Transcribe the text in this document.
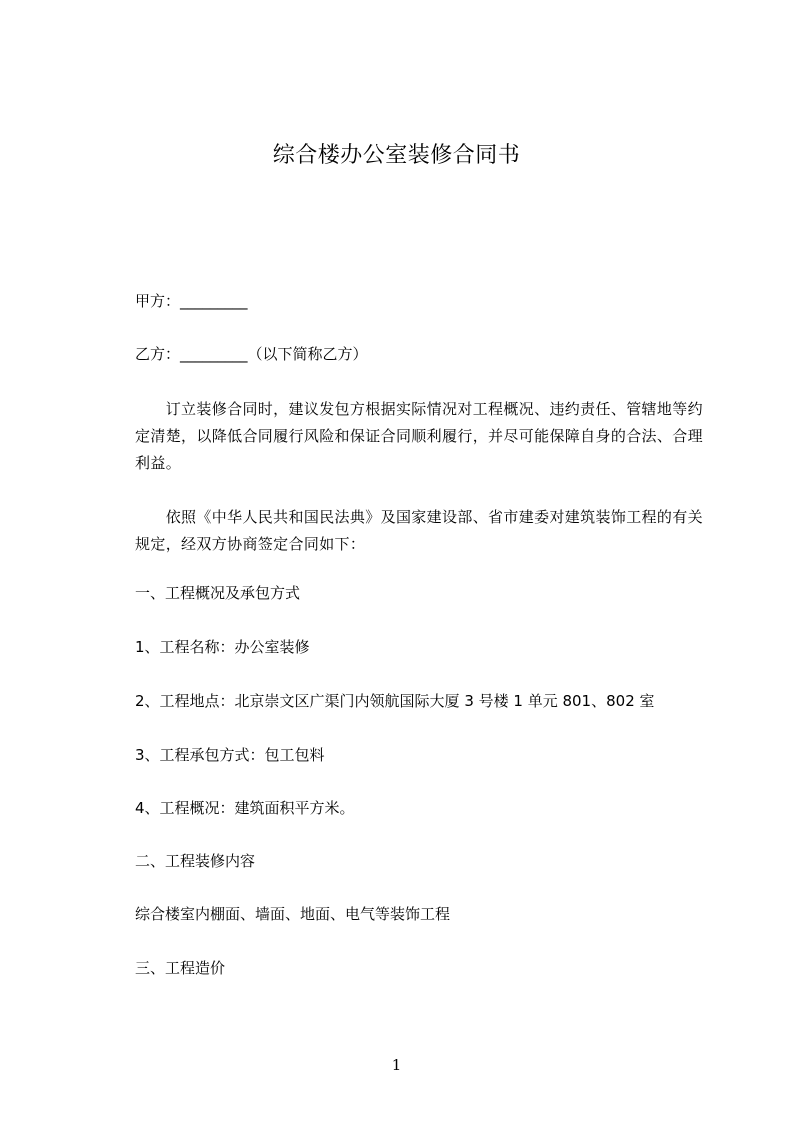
综合楼办公室装修合同书
甲方：_________
乙方：_________（以下简称乙方）
　　订立装修合同时，建议发包方根据实际情况对工程概况、违约责任、管辖地等约
定清楚，以降低合同履行风险和保证合同顺利履行，并尽可能保障自身的合法、合理
利益。
　　依照《中华人民共和国民法典》及国家建设部、省市建委对建筑装饰工程的有关
规定，经双方协商签定合同如下：
一、工程概况及承包方式
1、工程名称：办公室装修
2、工程地点：北京崇文区广渠门内领航国际大厦 3 号楼 1 单元 801、802 室
3、工程承包方式：包工包料
4、工程概况：建筑面积平方米。
二、工程装修内容
综合楼室内棚面、墙面、地面、电气等装饰工程
三、工程造价
1
